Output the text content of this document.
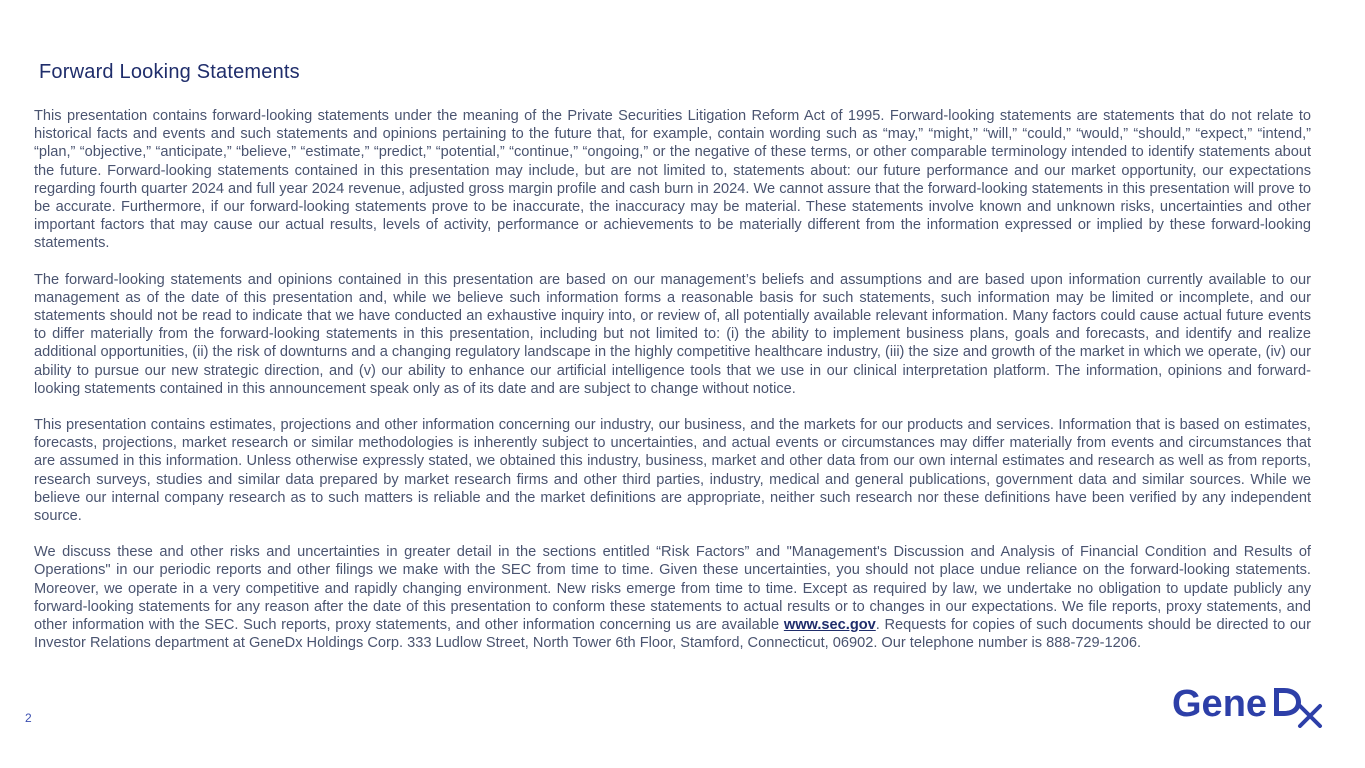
Forward Looking Statements

This presentation contains forward-looking statements under the meaning of the Private Securities Litigation Reform Act of 1995. Forward-looking statements are statements that do not relate to historical facts and events and such statements and opinions pertaining to the future that, for example, contain wording such as “may,” “might,” “will,” “could,” “would,” “should,” “expect,” “intend,” “plan,” “objective,” “anticipate,” “believe,” “estimate,” “predict,” “potential,” “continue,” “ongoing,” or the negative of these terms, or other comparable terminology intended to identify statements about the future. Forward-looking statements contained in this presentation may include, but are not limited to, statements about: our future performance and our market opportunity, our expectations regarding fourth quarter 2024 and full year 2024 revenue, adjusted gross margin profile and cash burn in 2024. We cannot assure that the forward-looking statements in this presentation will prove to be accurate. Furthermore, if our forward-looking statements prove to be inaccurate, the inaccuracy may be material. These statements involve known and unknown risks, uncertainties and other important factors that may cause our actual results, levels of activity, performance or achievements to be materially different from the information expressed or implied by these forward-looking statements.

The forward-looking statements and opinions contained in this presentation are based on our management’s beliefs and assumptions and are based upon information currently available to our management as of the date of this presentation and, while we believe such information forms a reasonable basis for such statements, such information may be limited or incomplete, and our statements should not be read to indicate that we have conducted an exhaustive inquiry into, or review of, all potentially available relevant information. Many factors could cause actual future events to differ materially from the forward-looking statements in this presentation, including but not limited to: (i) the ability to implement business plans, goals and forecasts, and identify and realize additional opportunities, (ii) the risk of downturns and a changing regulatory landscape in the highly competitive healthcare industry, (iii) the size and growth of the market in which we operate, (iv) our ability to pursue our new strategic direction, and (v) our ability to enhance our artificial intelligence tools that we use in our clinical interpretation platform. The information, opinions and forward-looking statements contained in this announcement speak only as of its date and are subject to change without notice.

This presentation contains estimates, projections and other information concerning our industry, our business, and the markets for our products and services. Information that is based on estimates, forecasts, projections, market research or similar methodologies is inherently subject to uncertainties, and actual events or circumstances may differ materially from events and circumstances that are assumed in this information. Unless otherwise expressly stated, we obtained this industry, business, market and other data from our own internal estimates and research as well as from reports, research surveys, studies and similar data prepared by market research firms and other third parties, industry, medical and general publications, government data and similar sources. While we believe our internal company research as to such matters is reliable and the market definitions are appropriate, neither such research nor these definitions have been verified by any independent source.

We discuss these and other risks and uncertainties in greater detail in the sections entitled “Risk Factors” and "Management's Discussion and Analysis of Financial Condition and Results of Operations" in our periodic reports and other filings we make with the SEC from time to time. Given these uncertainties, you should not place undue reliance on the forward-looking statements. Moreover, we operate in a very competitive and rapidly changing environment. New risks emerge from time to time. Except as required by law, we undertake no obligation to update publicly any forward-looking statements for any reason after the date of this presentation to conform these statements to actual results or to changes in our expectations. We file reports, proxy statements, and other information with the SEC. Such reports, proxy statements, and other information concerning us are available www.sec.gov. Requests for copies of such documents should be directed to our Investor Relations department at GeneDx Holdings Corp. 333 Ludlow Street, North Tower 6th Floor, Stamford, Connecticut, 06902. Our telephone number is 888-729-1206.

2	Gene
